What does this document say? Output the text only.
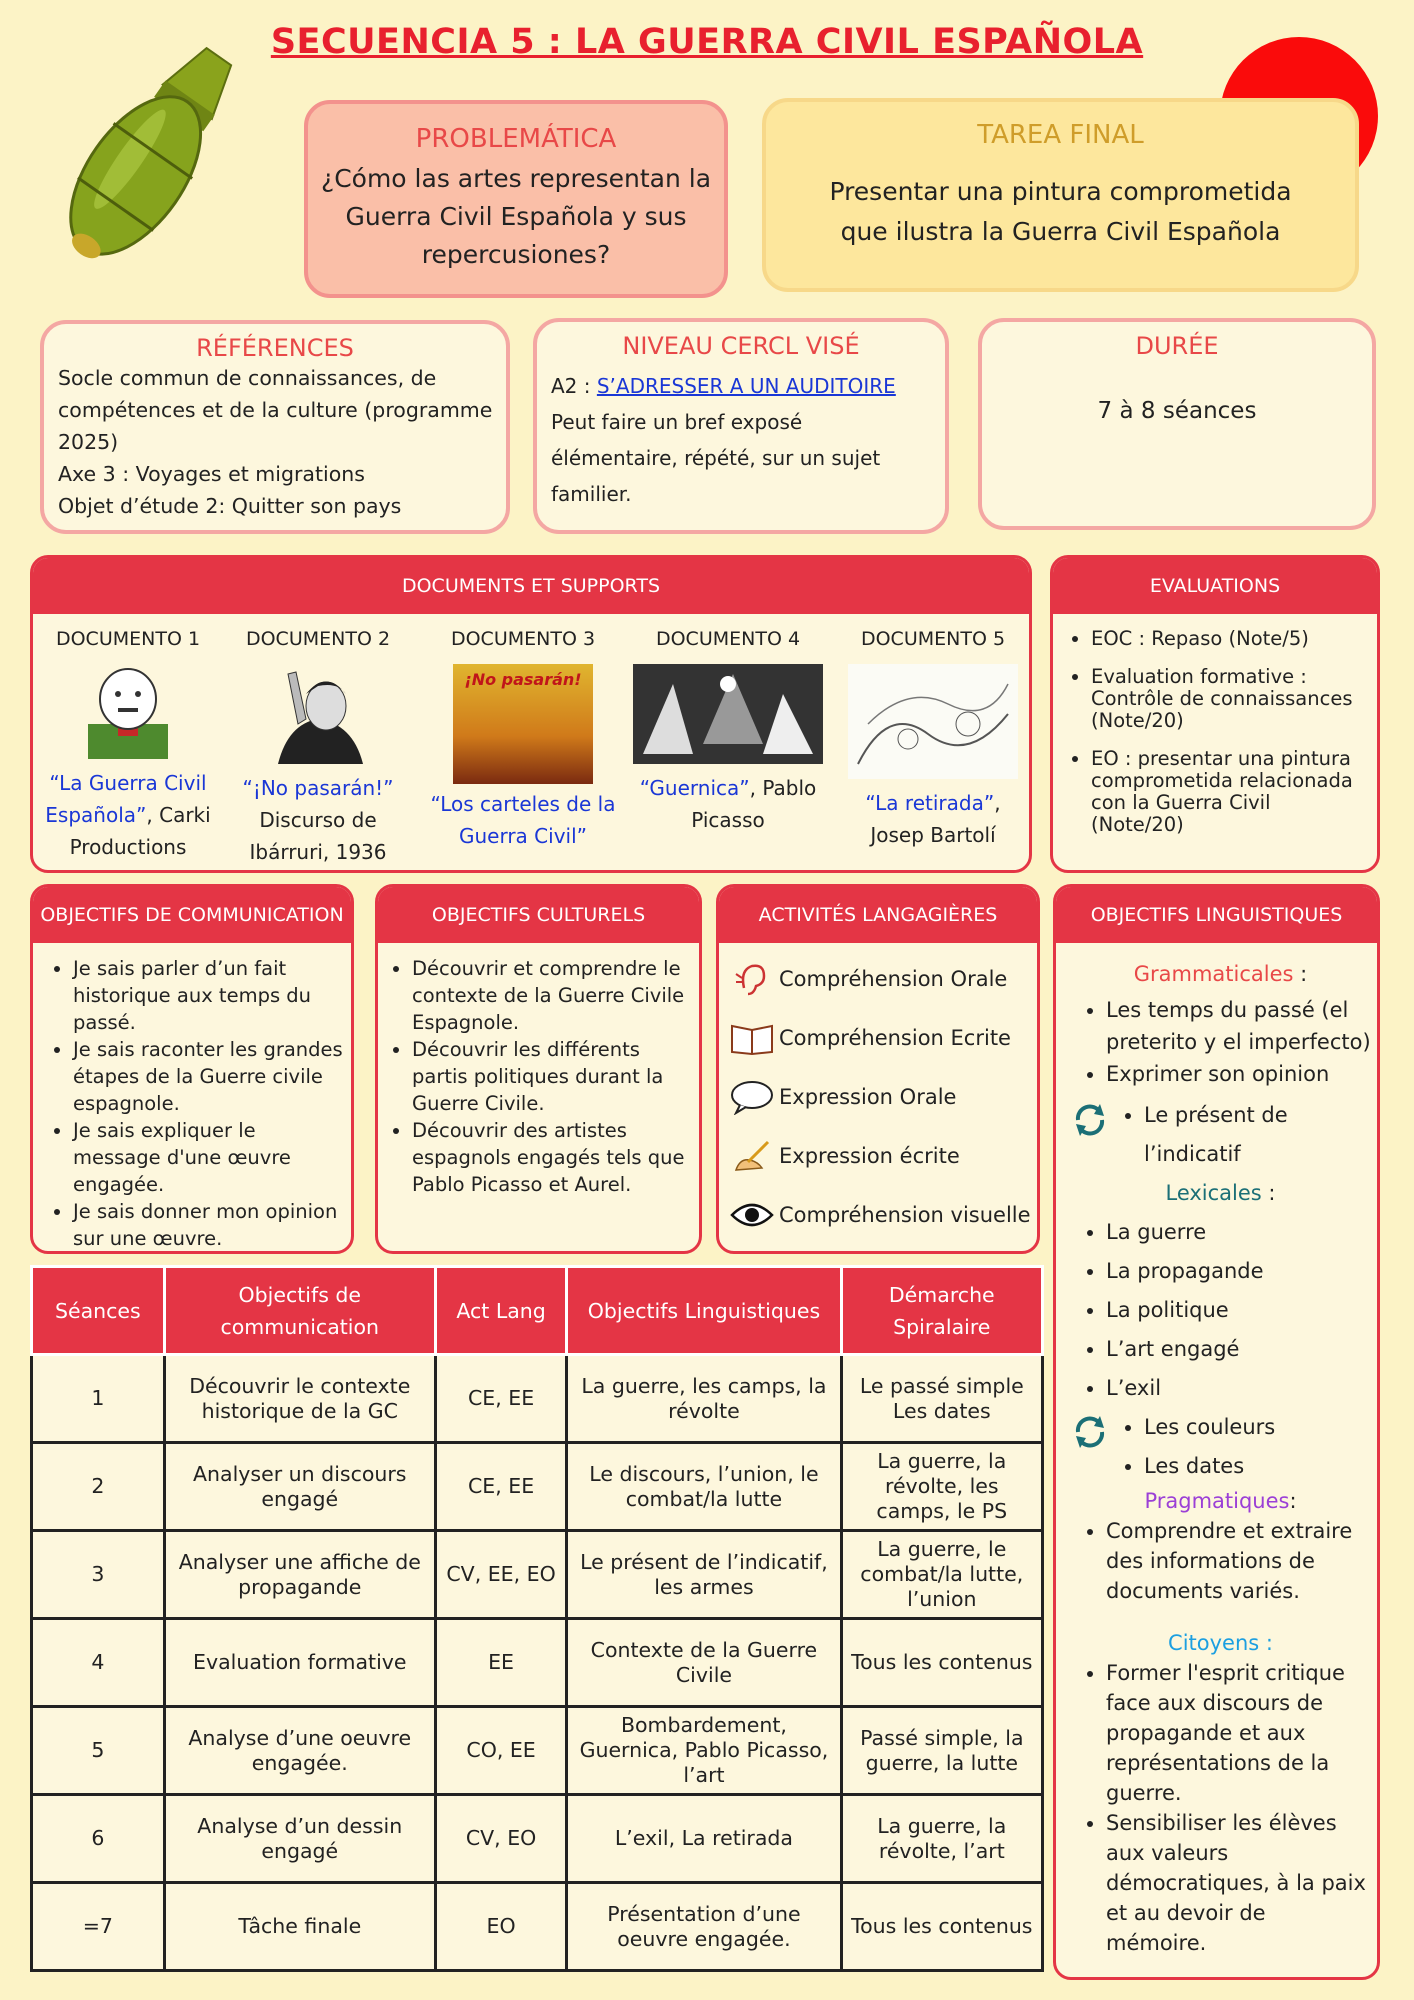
SECUENCIA 5 : LA GUERRA CIVIL ESPAÑOLA
PROBLEMÁTICA

¿Cómo las artes representan la Guerra Civil Española y sus repercusiones?

TAREA FINAL

Presentar una pintura comprometida que ilustra la Guerra Civil Española

RÉFÉRENCES

Socle commun de connaissances, de compétences et de la culture (programme 2025)

Axe 3 : Voyages et migrations

Objet d’étude 2: Quitter son pays

NIVEAU CERCL VISÉ

A2 : S’ADRESSER A UN AUDITOIRE

Peut faire un bref exposé élémentaire, répété, sur un sujet familier.

DURÉE

7 à 8 séances

DOCUMENTS ET SUPPORTS
DOCUMENTO 1
“La Guerra Civil Española”, Carki Productions
DOCUMENTO 2
“¡No pasarán!”
Discurso de Ibárruri, 1936
DOCUMENTO 3
¡No pasarán!
“Los carteles de la Guerra Civil”
DOCUMENTO 4
“Guernica”, Pablo Picasso
DOCUMENTO 5
“La retirada”, Josep Bartolí
EVALUATIONS
• EOC : Repaso (Note/5)
• Evaluation formative : Contrôle de connaissances (Note/20)
• EO : presentar una pintura comprometida relacionada con la Guerra Civil (Note/20)
OBJECTIFS DE COMMUNICATION
• Je sais parler d’un fait historique aux temps du passé.
• Je sais raconter les grandes étapes de la Guerre civile espagnole.
• Je sais expliquer le message d'une œuvre engagée.
• Je sais donner mon opinion sur une œuvre.
OBJECTIFS CULTURELS
• Découvrir et comprendre le contexte de la Guerre Civile Espagnole.
• Découvrir les différents partis politiques durant la Guerre Civile.
• Découvrir des artistes espagnols engagés tels que Pablo Picasso et Aurel.
ACTIVITÉS LANGAGIÈRES
Compréhension Orale
Compréhension Ecrite
Expression Orale
Expression écrite
Compréhension visuelle
OBJECTIFS LINGUISTIQUES
Grammaticales :
• Les temps du passé (el preterito y el imperfecto)
• Exprimer son opinion
• Le présent de l’indicatif
Lexicales :
• La guerre
• La propagande
• La politique
• L’art engagé
• L’exil
• Les couleurs
• Les dates
Pragmatiques:
• Comprendre et extraire des informations de documents variés.
Citoyens :
• Former l'esprit critique face aux discours de propagande et aux représentations de la guerre.
• Sensibiliser les élèves aux valeurs démocratiques, à la paix et au devoir de mémoire.
Séances	Objectifs de communication	Act Lang	Objectifs Linguistiques	Démarche Spiralaire
1	Découvrir le contexte historique de la GC	CE, EE	La guerre, les camps, la révolte	Le passé simple Les dates
2	Analyser un discours engagé	CE, EE	Le discours, l’union, le combat/la lutte	La guerre, la révolte, les camps, le PS
3	Analyser une affiche de propagande	CV, EE, EO	Le présent de l’indicatif, les armes	La guerre, le combat/la lutte, l’union
4	Evaluation formative	EE	Contexte de la Guerre Civile	Tous les contenus
5	Analyse d’une oeuvre engagée.	CO, EE	Bombardement, Guernica, Pablo Picasso, l’art	Passé simple, la guerre, la lutte
6	Analyse d’un dessin engagé	CV, EO	L’exil, La retirada	La guerre, la révolte, l’art
=7	Tâche finale	EO	Présentation d’une oeuvre engagée.	Tous les contenus
